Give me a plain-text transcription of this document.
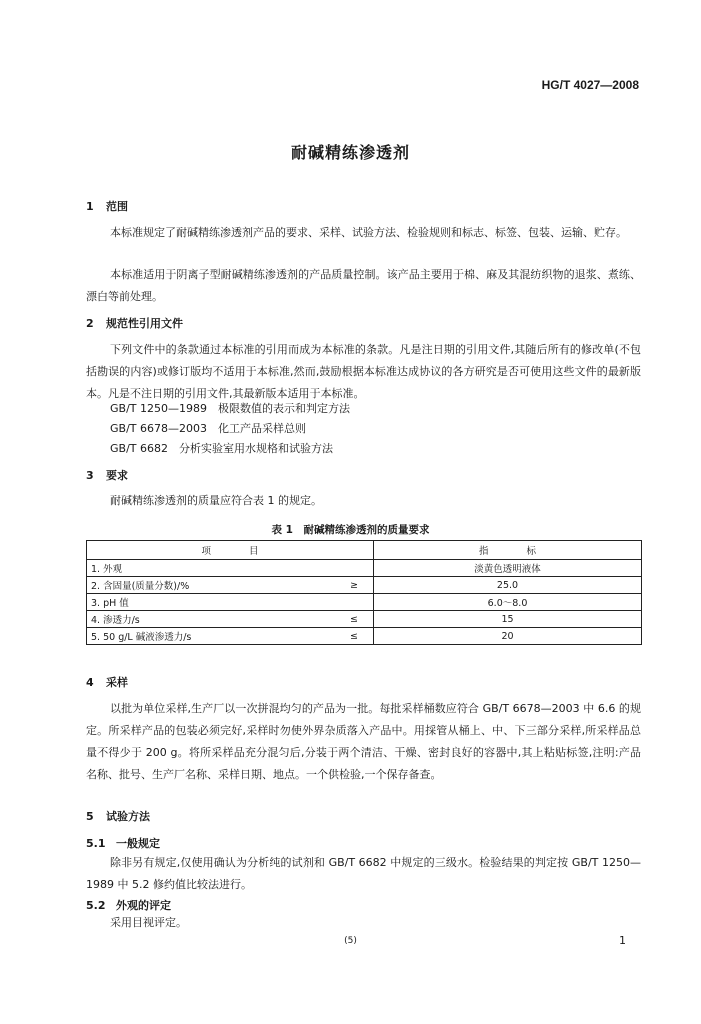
HG/T 4027—2008
耐碱精练渗透剂
1 范围
本标准规定了耐碱精练渗透剂产品的要求、采样、试验方法、检验规则和标志、标签、包装、运输、贮存。
本标准适用于阴离子型耐碱精练渗透剂的产品质量控制。该产品主要用于棉、麻及其混纺织物的退浆、煮练、漂白等前处理。
2 规范性引用文件
下列文件中的条款通过本标准的引用而成为本标准的条款。凡是注日期的引用文件,其随后所有的修改单(不包括勘误的内容)或修订版均不适用于本标准,然而,鼓励根据本标准达成协议的各方研究是否可使用这些文件的最新版本。凡是不注日期的引用文件,其最新版本适用于本标准。
GB/T 1250—1989　极限数值的表示和判定方法
GB/T 6678—2003　化工产品采样总则
GB/T 6682　分析实验室用水规格和试验方法
3 要求
耐碱精练渗透剂的质量应符合表 1 的规定。
表 1　耐碱精练渗透剂的质量要求
项　　　　目		指　　　　标
1. 外观		淡黄色透明液体
2. 含固量(质量分数)/%	≥	25.0
3. pH 值		6.0～8.0
4. 渗透力/s	≤	15
5. 50 g/L 碱液渗透力/s	≤	20
4 采样
以批为单位采样,生产厂以一次拼混均匀的产品为一批。每批采样桶数应符合 GB/T 6678—2003 中 6.6 的规定。所采样产品的包装必须完好,采样时勿使外界杂质落入产品中。用採管从桶上、中、下三部分采样,所采样品总量不得少于 200 g。将所采样品充分混匀后,分装于两个清洁、干燥、密封良好的容器中,其上粘贴标签,注明:产品名称、批号、生产厂名称、采样日期、地点。一个供检验,一个保存备查。
5 试验方法
5.1 一般规定
除非另有规定,仅使用确认为分析纯的试剂和 GB/T 6682 中规定的三级水。检验结果的判定按 GB/T 1250—1989 中 5.2 修约值比较法进行。
5.2 外观的评定
采用目视评定。
(5)	1
